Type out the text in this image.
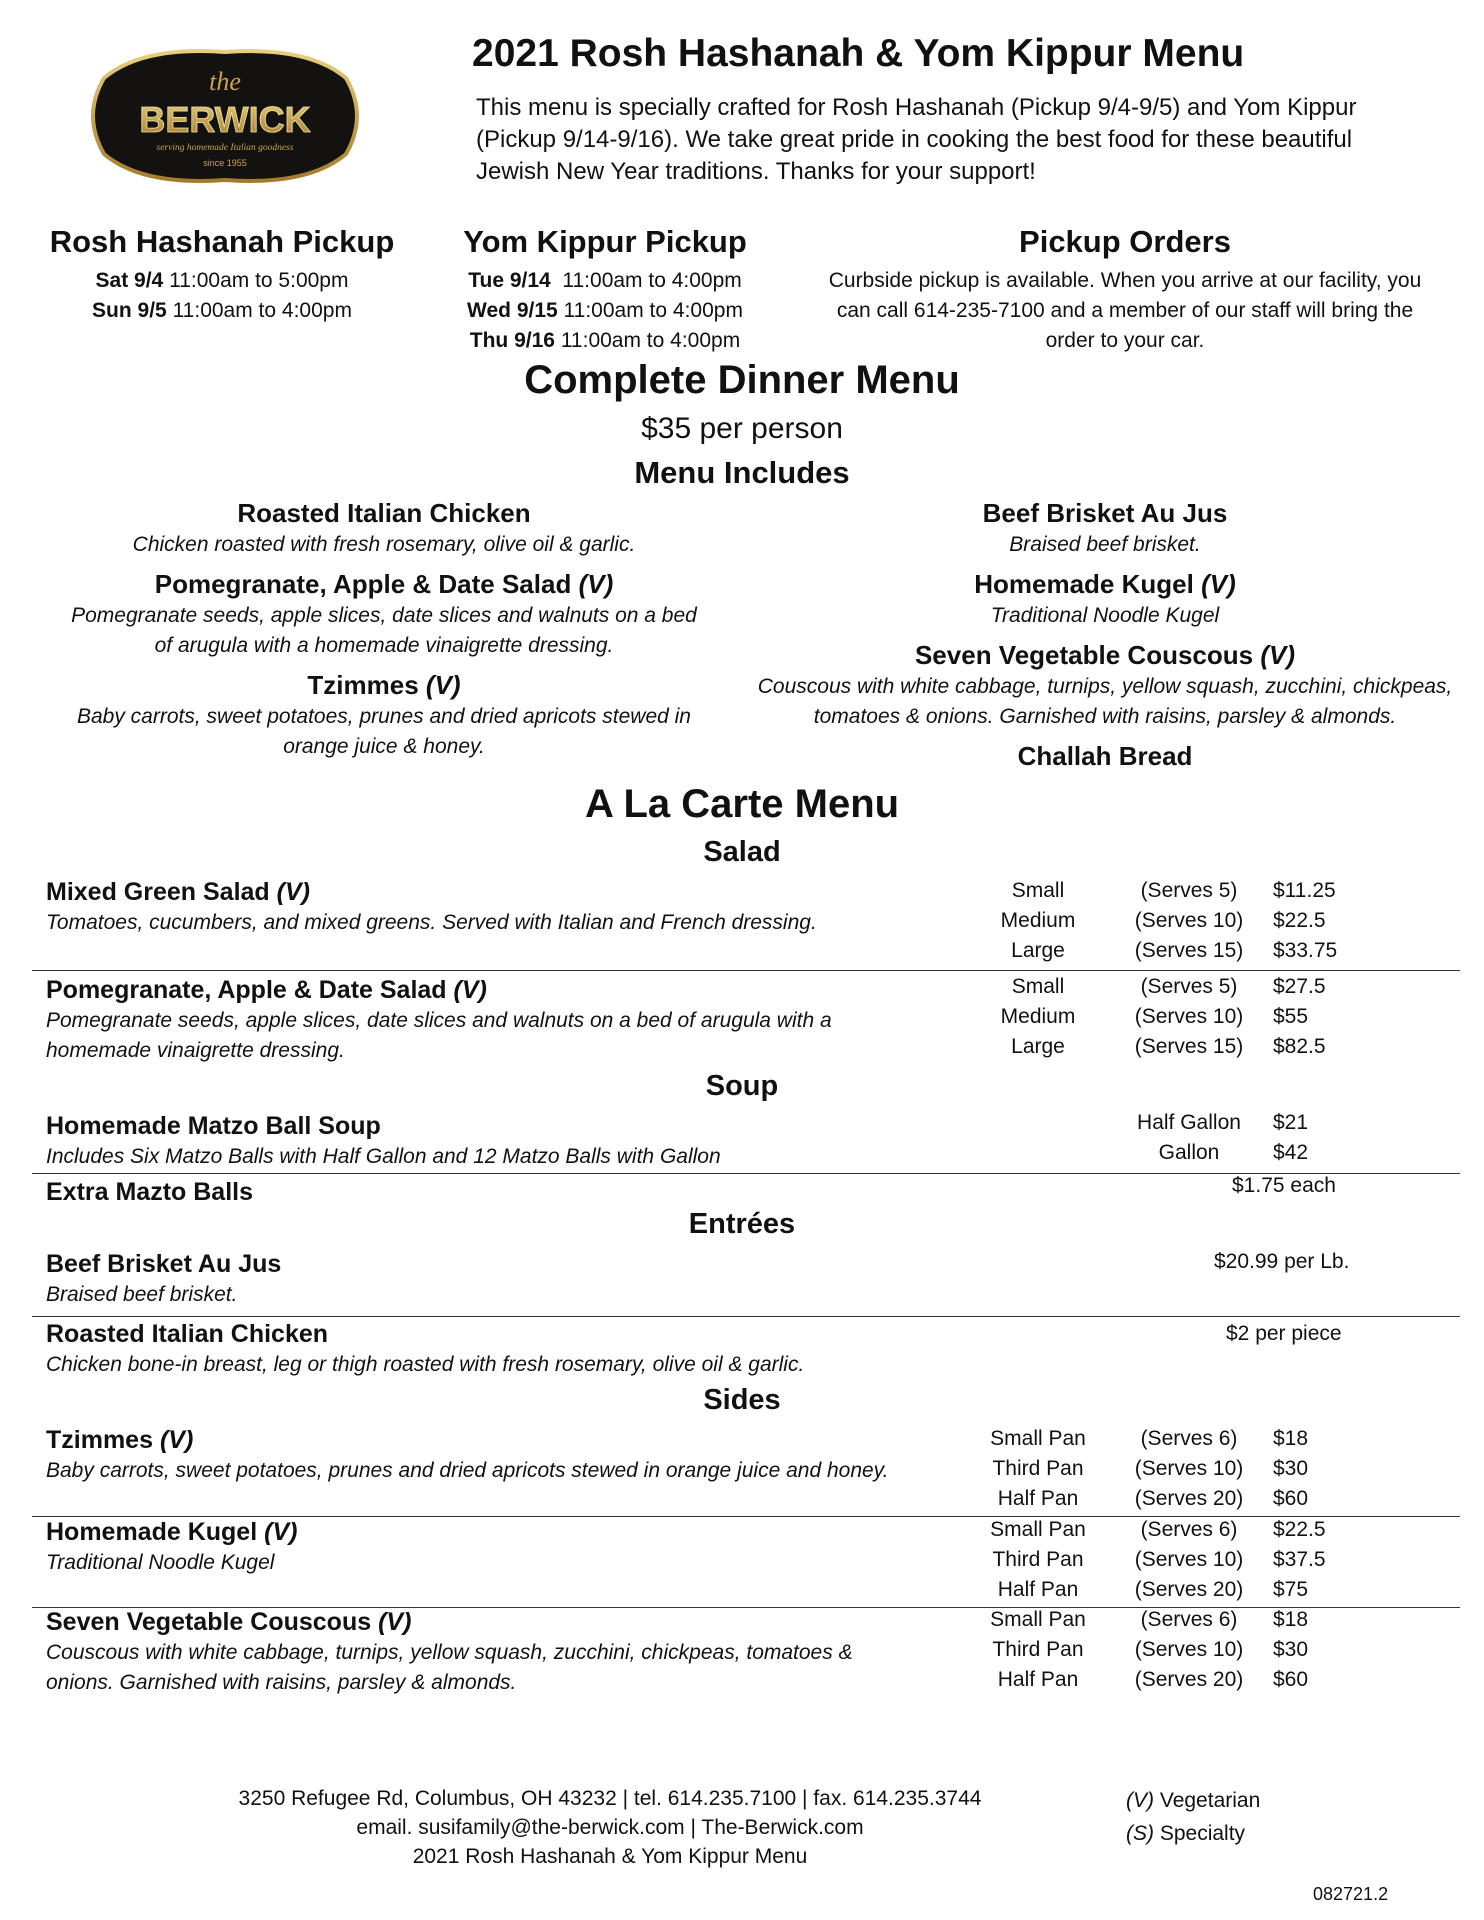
the
BERWICK
serving homemade Italian goodness
since 1955
2021 Rosh Hashanah & Yom Kippur Menu
This menu is specially crafted for Rosh Hashanah (Pickup 9/4-9/5) and Yom Kippur
(Pickup 9/14-9/16). We take great pride in cooking the best food for these beautiful
Jewish New Year traditions. Thanks for your support!
Rosh Hashanah Pickup
Sat 9/4 11:00am to 5:00pm
Sun 9/5 11:00am to 4:00pm
Yom Kippur Pickup
Tue 9/14 11:00am to 4:00pm
Wed 9/15 11:00am to 4:00pm
Thu 9/16 11:00am to 4:00pm
Pickup Orders
Curbside pickup is available. When you arrive at our facility, you
can call 614-235-7100 and a member of our staff will bring the
order to your car.
Complete Dinner Menu
$35 per person
Menu Includes
Roasted Italian Chicken
Chicken roasted with fresh rosemary, olive oil & garlic.
Pomegranate, Apple & Date Salad (V)
Pomegranate seeds, apple slices, date slices and walnuts on a bed
of arugula with a homemade vinaigrette dressing.
Tzimmes (V)
Baby carrots, sweet potatoes, prunes and dried apricots stewed in
orange juice & honey.
Beef Brisket Au Jus
Braised beef brisket.
Homemade Kugel (V)
Traditional Noodle Kugel
Seven Vegetable Couscous (V)
Couscous with white cabbage, turnips, yellow squash, zucchini, chickpeas,
tomatoes & onions. Garnished with raisins, parsley & almonds.
Challah Bread
A La Carte Menu
Salad
Mixed Green Salad (V)
Tomatoes, cucumbers, and mixed greens. Served with Italian and French dressing.
Small	(Serves 5)	$11.25
Medium	(Serves 10)	$22.5
Large	(Serves 15)	$33.75
Pomegranate, Apple & Date Salad (V)
Pomegranate seeds, apple slices, date slices and walnuts on a bed of arugula with a
homemade vinaigrette dressing.
Small	(Serves 5)	$27.5
Medium	(Serves 10)	$55
Large	(Serves 15)	$82.5
Soup
Homemade Matzo Ball Soup
Includes Six Matzo Balls with Half Gallon and 12 Matzo Balls with Gallon
Half Gallon	$21
Gallon	$42
Extra Mazto Balls	$1.75 each
Entrées
Beef Brisket Au Jus
Braised beef brisket.
$20.99 per Lb.
Roasted Italian Chicken
Chicken bone-in breast, leg or thigh roasted with fresh rosemary, olive oil & garlic.
$2 per piece
Sides
Tzimmes (V)
Baby carrots, sweet potatoes, prunes and dried apricots stewed in orange juice and honey.
Small Pan	(Serves 6)	$18
Third Pan	(Serves 10)	$30
Half Pan	(Serves 20)	$60
Homemade Kugel (V)
Traditional Noodle Kugel
Small Pan	(Serves 6)	$22.5
Third Pan	(Serves 10)	$37.5
Half Pan	(Serves 20)	$75
Seven Vegetable Couscous (V)
Couscous with white cabbage, turnips, yellow squash, zucchini, chickpeas, tomatoes &
onions. Garnished with raisins, parsley & almonds.
Small Pan	(Serves 6)	$18
Third Pan	(Serves 10)	$30
Half Pan	(Serves 20)	$60
3250 Refugee Rd, Columbus, OH 43232 | tel. 614.235.7100 | fax. 614.235.3744
email. susifamily@the-berwick.com | The-Berwick.com
2021 Rosh Hashanah & Yom Kippur Menu
(V) Vegetarian
(S) Specialty
082721.2
